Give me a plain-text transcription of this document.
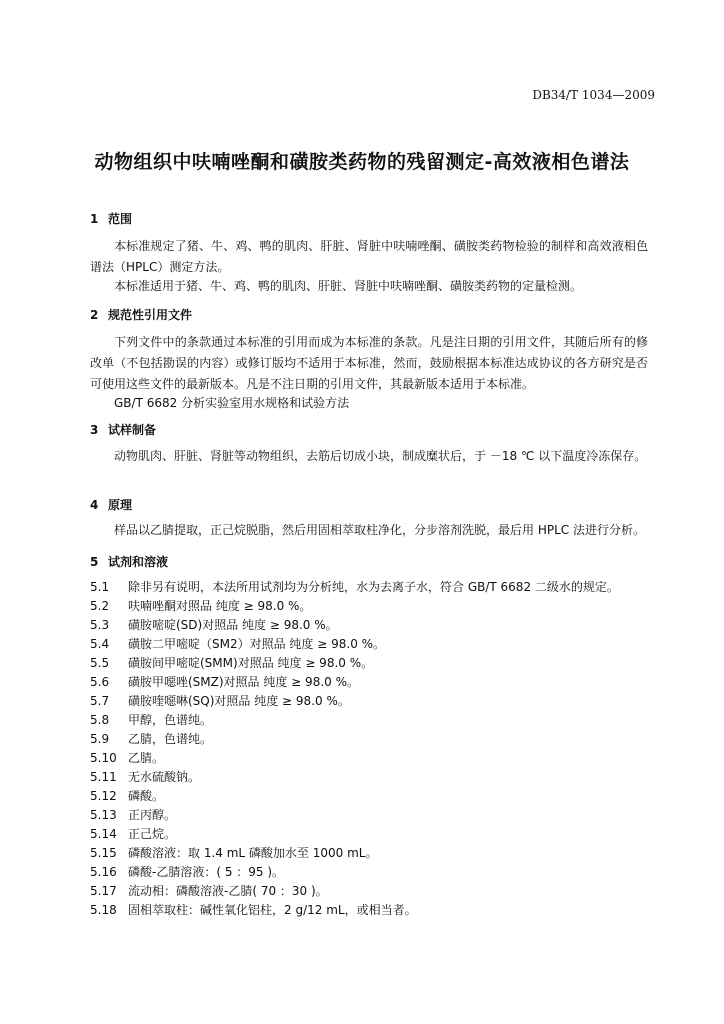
DB34/T 1034—2009
动物组织中呋喃唑酮和磺胺类药物的残留测定-高效液相色谱法
1 范围

本标准规定了猪、牛、鸡、鸭的肌肉、肝脏、肾脏中呋喃唑酮、磺胺类药物检验的制样和高效液相色谱法（HPLC）测定方法。

本标准适用于猪、牛、鸡、鸭的肌肉、肝脏、肾脏中呋喃唑酮、磺胺类药物的定量检测。

2 规范性引用文件

下列文件中的条款通过本标准的引用而成为本标准的条款。凡是注日期的引用文件，其随后所有的修改单（不包括勘误的内容）或修订版均不适用于本标准，然而，鼓励根据本标准达成协议的各方研究是否可使用这些文件的最新版本。凡是不注日期的引用文件，其最新版本适用于本标准。

GB/T 6682 分析实验室用水规格和试验方法
3 试样制备

动物肌肉、肝脏、肾脏等动物组织，去筋后切成小块，制成糜状后，于 －18 ℃ 以下温度冷冻保存。

4 原理

样品以乙腈提取，正己烷脱脂，然后用固相萃取柱净化，分步溶剂洗脱，最后用 HPLC 法进行分析。

5 试剂和溶液
5.1 除非另有说明，本法所用试剂均为分析纯，水为去离子水，符合 GB/T 6682 二级水的规定。
5.2 呋喃唑酮对照品 纯度 ≥ 98.0 %。
5.3 磺胺嘧啶(SD)对照品 纯度 ≥ 98.0 %。
5.4 磺胺二甲嘧啶（SM2）对照品 纯度 ≥ 98.0 %。
5.5 磺胺间甲嘧啶(SMM)对照品 纯度 ≥ 98.0 %。
5.6 磺胺甲噁唑(SMZ)对照品 纯度 ≥ 98.0 %。
5.7 磺胺喹噁啉(SQ)对照品 纯度 ≥ 98.0 %。
5.8 甲醇，色谱纯。
5.9 乙腈，色谱纯。
5.10 乙腈。
5.11 无水硫酸钠。
5.12 磷酸。
5.13 正丙醇。
5.14 正己烷。
5.15 磷酸溶液：取 1.4 mL 磷酸加水至 1000 mL。
5.16 磷酸-乙腈溶液：( 5 ：95 )。
5.17 流动相：磷酸溶液-乙腈( 70 ：30 )。
5.18 固相萃取柱：碱性氧化铝柱，2 g/12 mL，或相当者。
